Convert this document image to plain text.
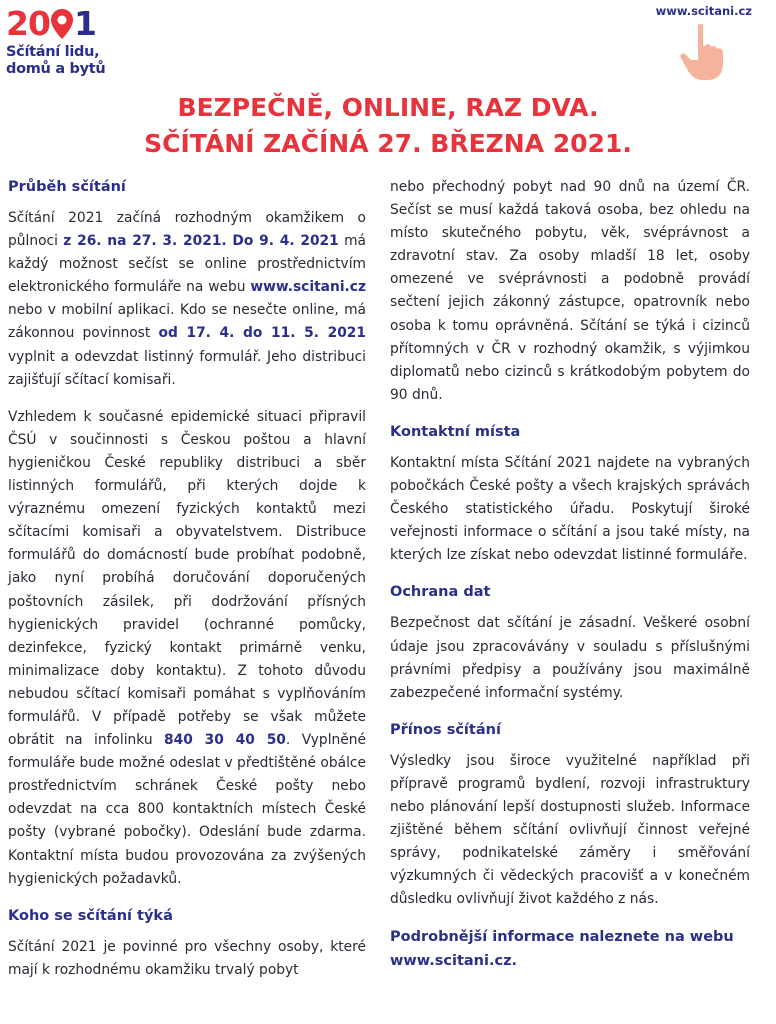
20 1
Sčítání lidu,
domů a bytů
www.scitani.cz
BEZPEČNĚ, ONLINE, RAZ DVA.
SČÍTÁNÍ ZAČÍNÁ 27. BŘEZNA 2021.
Průběh sčítání

Sčítání 2021 začíná rozhodným okamžikem o půlnoci z 26. na 27. 3. 2021. Do 9. 4. 2021 má každý možnost sečíst se online prostřednictvím elektronického formuláře na webu www.scitani.cz nebo v mobilní aplikaci. Kdo se nesečte online, má zákonnou povinnost od 17. 4. do 11. 5. 2021 vyplnit a odevzdat listinný formulář. Jeho distribuci zajišťují sčítací komisaři.

Vzhledem k současné epidemické situaci připravil ČSÚ v součinnosti s Českou poštou a hlavní hygieničkou České republiky distribuci a sběr listinných formulářů, při kterých dojde k výraznému omezení fyzických kontaktů mezi sčítacími komisaři a obyvatelstvem. Distribuce formulářů do domácností bude probíhat podobně, jako nyní probíhá doručování doporučených poštovních zásilek, při dodržování přísných hygienických pravidel (ochranné pomůcky, dezinfekce, fyzický kontakt primárně venku, minimalizace doby kontaktu). Z tohoto důvodu nebudou sčítací komisaři pomáhat s vyplňováním formulářů. V případě potřeby se však můžete obrátit na infolinku 840 30 40 50. Vyplněné formuláře bude možné odeslat v předtištěné obálce prostřednictvím schránek České pošty nebo odevzdat na cca 800 kontaktních místech České pošty (vybrané pobočky). Odeslání bude zdarma. Kontaktní místa budou provozována za zvýšených hygienických požadavků.

Koho se sčítání týká

Sčítání 2021 je povinné pro všechny osoby, které mají k rozhodnému okamžiku trvalý pobyt

nebo přechodný pobyt nad 90 dnů na území ČR. Sečíst se musí každá taková osoba, bez ohledu na místo skutečného pobytu, věk, svéprávnost a zdravotní stav. Za osoby mladší 18 let, osoby omezené ve svéprávnosti a podobně provádí sečtení jejich zákonný zástupce, opatrovník nebo osoba k tomu oprávněná. Sčítání se týká i cizinců přítomných v ČR v rozhodný okamžik, s výjimkou diplomatů nebo cizinců s krátkodobým pobytem do 90 dnů.

Kontaktní místa

Kontaktní místa Sčítání 2021 najdete na vybraných pobočkách České pošty a všech krajských správách Českého statistického úřadu. Poskytují široké veřejnosti informace o sčítání a jsou také místy, na kterých lze získat nebo odevzdat listinné formuláře.

Ochrana dat

Bezpečnost dat sčítání je zásadní. Veškeré osobní údaje jsou zpracovávány v souladu s příslušnými právními předpisy a používány jsou maximálně zabezpečené informační systémy.

Přínos sčítání

Výsledky jsou široce využitelné například při přípravě programů bydlení, rozvoji infrastruktury nebo plánování lepší dostupnosti služeb. Informace zjištěné během sčítání ovlivňují činnost veřejné správy, podnikatelské záměry i směřování výzkumných či vědeckých pracovišť a v konečném důsledku ovlivňují život každého z nás.

Podrobnější informace naleznete na webu
www.scitani.cz.
